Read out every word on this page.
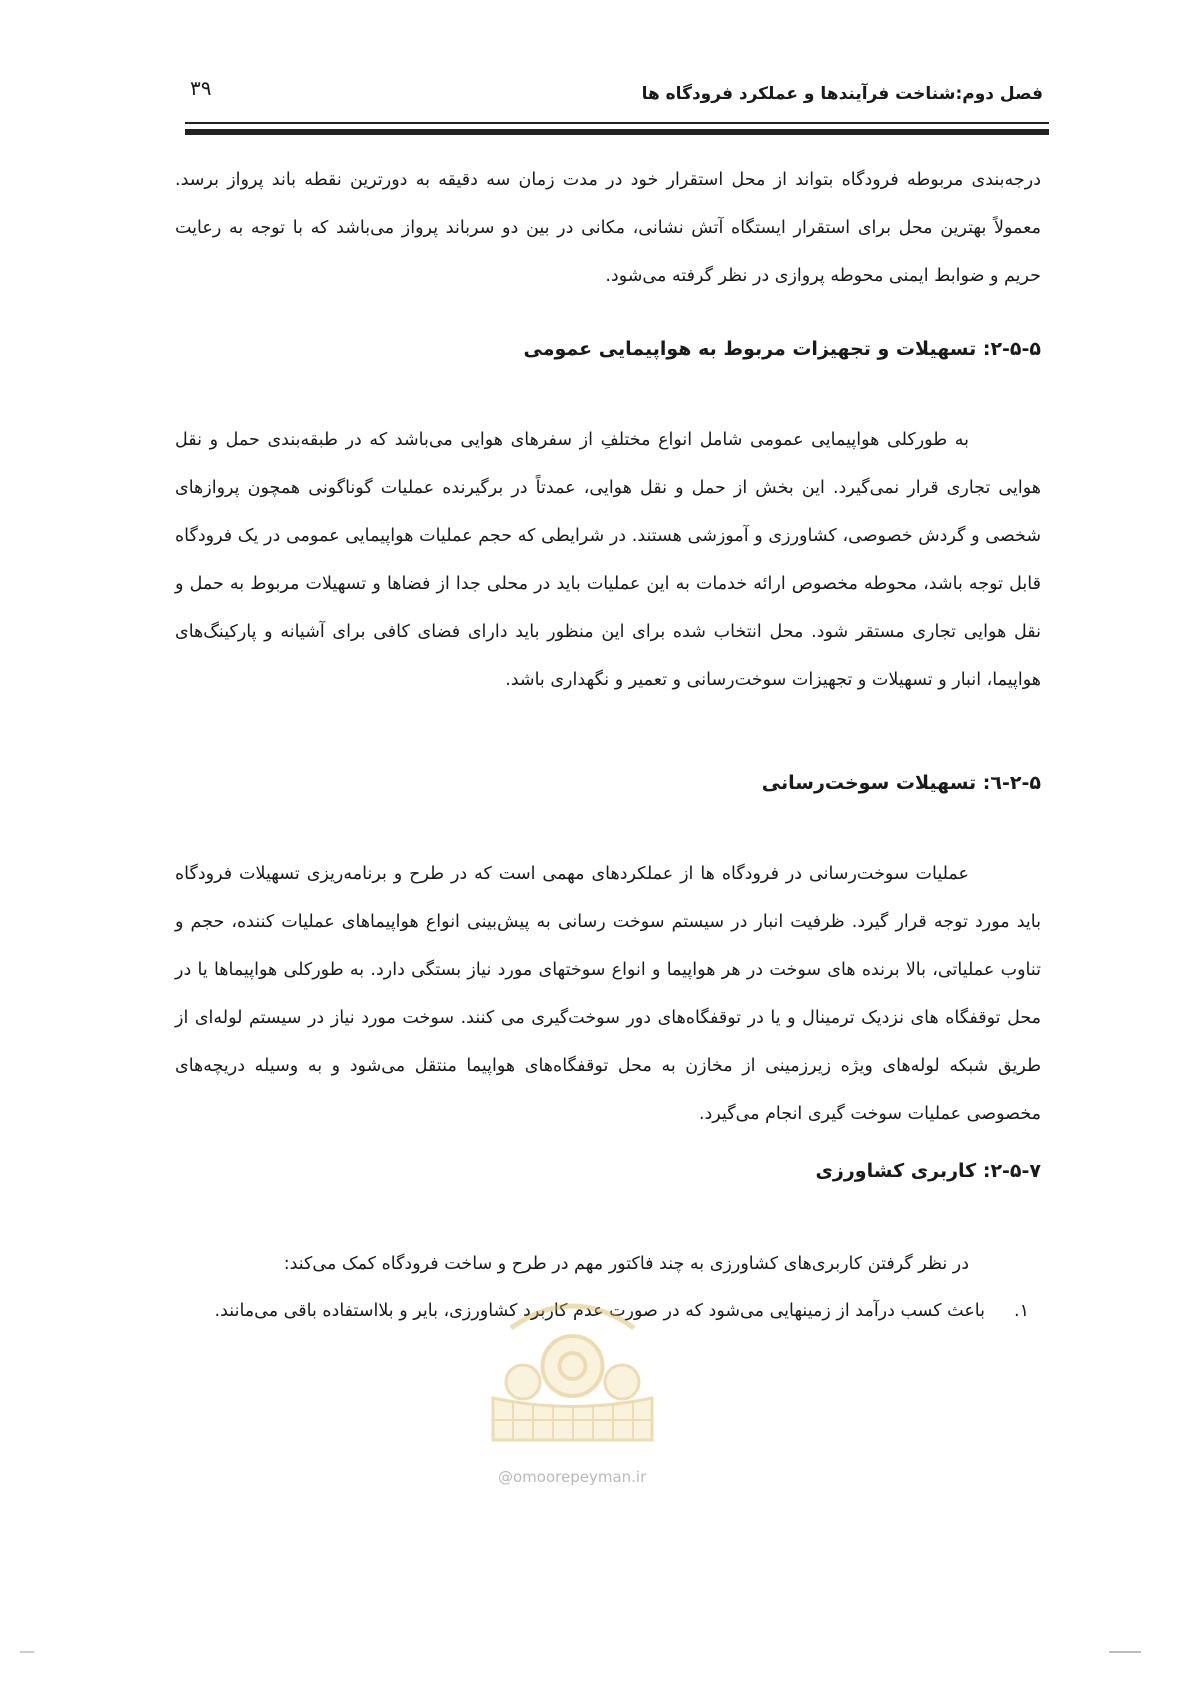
فصل دوم:شناخت فرآیندها و عملکرد فرودگاه ها
۳۹
درجه‌بندی مربوطه فرودگاه بتواند از محل استقرار خود در مدت زمان سه دقیقه به دورترین نقطه باند پرواز برسد. معمولاً بهترین محل برای استقرار ایستگاه آتش نشانی، مکانی در بین دو سرباند پرواز می‌باشد که با توجه به رعایت حریم و ضوابط ایمنی محوطه پروازی در نظر گرفته می‌شود.
۲-۵-۵: تسهیلات و تجهیزات مربوط به هواپیمایی عمومی
به طورکلی هواپیمایی عمومی شامل انواع مختلفِ از سفرهای هوایی می‌باشد که در طبقه‌بندی حمل و نقل هوایی تجاری قرار نمی‌گیرد. این بخش از حمل و نقل هوایی، عمدتاً در برگیرنده عملیات گوناگونی همچون پروازهای شخصی و گردش خصوصی، کشاورزی و آموزشی هستند. در شرایطی که حجم عملیات هواپیمایی عمومی در یک فرودگاه قابل توجه باشد، محوطه مخصوص ارائه خدمات به این عملیات باید در محلی جدا از فضاها و تسهیلات مربوط به حمل و نقل هوایی تجاری مستقر شود. محل انتخاب شده برای این منظور باید دارای فضای کافی برای آشیانه و پارکینگ‌های هواپیما، انبار و تسهیلات و تجهیزات سوخت‌رسانی و تعمیر و نگهداری باشد.
۲-۵-٦: تسهیلات سوخت‌رسانی
عملیات سوخت‌رسانی در فرودگاه ها از عملکردهای مهمی است که در طرح و برنامه‌ریزی تسهیلات فرودگاه باید مورد توجه قرار گیرد. ظرفیت انبار در سیستم سوخت رسانی به پیش‌بینی انواع هواپیماهای عملیات کننده، حجم و تناوب عملیاتی، بالا برنده های سوخت در هر هواپیما و انواع سوختهای مورد نیاز بستگی دارد. به طورکلی هواپیماها یا در محل توقفگاه های نزدیک ترمینال و یا در توقفگاه‌های دور سوخت‌گیری می کنند. سوخت مورد نیاز در سیستم لوله‌ای از طریق شبکه لوله‌های ویژه زیرزمینی از مخازن به محل توقفگاه‌های هواپیما منتقل می‌شود و به وسیله دریچه‌های مخصوصی عملیات سوخت گیری انجام می‌گیرد.
۲-۵-۷: کاربری کشاورزی
در نظر گرفتن کاربری‌های کشاورزی به چند فاکتور مهم در طرح و ساخت فرودگاه کمک می‌کند:
۱.
باعث کسب درآمد از زمینهایی می‌شود که در صورت عدم کاربرد کشاورزی، بایر و بلااستفاده باقی می‌مانند.
@omoorepeyman.ir
